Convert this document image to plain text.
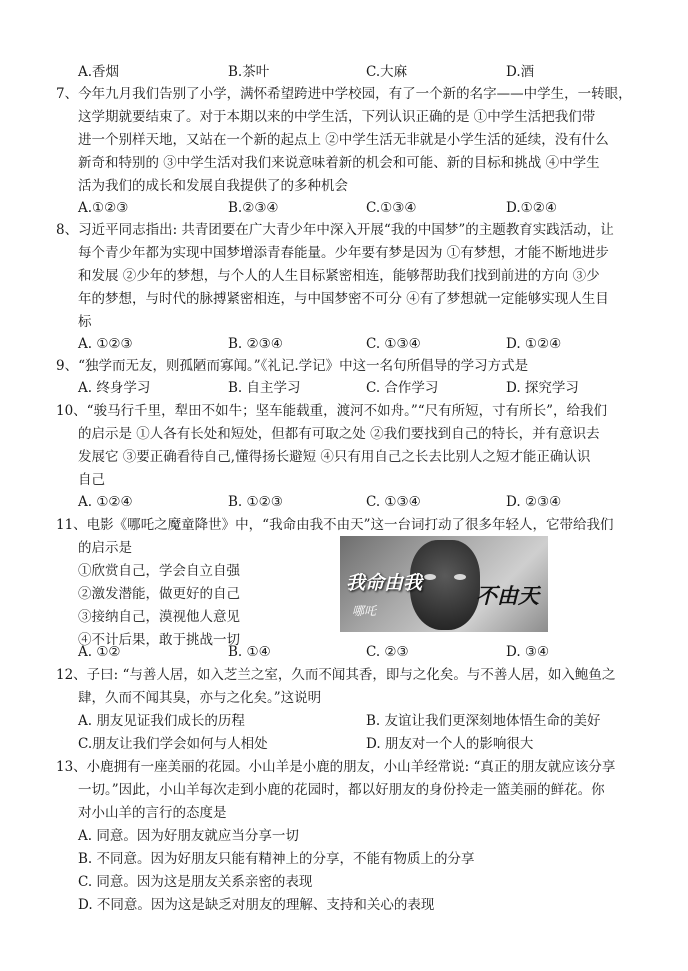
A.香烟	B.茶叶	C.大麻	D.酒
7、今年九月我们告别了小学，满怀希望跨进中学校园，有了一个新的名字——中学生，一转眼，
这学期就要结束了。对于本期以来的中学生活，下列认识正确的是 ①中学生活把我们带
进一个别样天地，又站在一个新的起点上 ②中学生活无非就是小学生活的延续，没有什么
新奇和特别的 ③中学生活对我们来说意味着新的机会和可能、新的目标和挑战 ④中学生
活为我们的成长和发展自我提供了的多种机会
A.①②③	B.②③④	C.①③④	D.①②④
8、习近平同志指出: 共青团要在广大青少年中深入开展“我的中国梦”的主题教育实践活动，让
每个青少年都为实现中国梦增添青春能量。少年要有梦是因为 ①有梦想，才能不断地进步
和发展 ②少年的梦想，与个人的人生目标紧密相连，能够帮助我们找到前进的方向 ③少
年的梦想，与时代的脉搏紧密相连，与中国梦密不可分 ④有了梦想就一定能够实现人生目
标
A. ①②③	B. ②③④	C. ①③④	D. ①②④
9、“独学而无友，则孤陋而寡闻。”《礼记.学记》中这一名句所倡导的学习方式是
A. 终身学习	B. 自主学习	C. 合作学习	D. 探究学习
10、“骏马行千里，犁田不如牛；坚车能载重，渡河不如舟。”“尺有所短，寸有所长”，给我们
的启示是 ①人各有长处和短处，但都有可取之处 ②我们要找到自己的特长，并有意识去
发展它 ③要正确看待自己,懂得扬长避短 ④只有用自己之长去比别人之短才能正确认识
自己
A. ①②④	B. ①②③	C. ①③④	D. ②③④
11、电影《哪吒之魔童降世》中，“我命由我不由天”这一台词打动了很多年轻人，它带给我们
的启示是
①欣赏自己，学会自立自强
②激发潜能，做更好的自己
③接纳自己，漠视他人意见
④不计后果，敢于挑战一切
我命由我
不由天
哪吒
A. ①②	B. ①④	C. ②③	D. ③④
12、子曰: “与善人居，如入芝兰之室，久而不闻其香，即与之化矣。与不善人居，如入鲍鱼之
肆，久而不闻其臭，亦与之化矣。”这说明
A. 朋友见证我们成长的历程	B. 友谊让我们更深刻地体悟生命的美好
C.朋友让我们学会如何与人相处	D. 朋友对一个人的影响很大
13、小鹿拥有一座美丽的花园。小山羊是小鹿的朋友，小山羊经常说: “真正的朋友就应该分享
一切。”因此，小山羊每次走到小鹿的花园时，都以好朋友的身份拎走一篮美丽的鲜花。你
对小山羊的言行的态度是
A. 同意。因为好朋友就应当分享一切
B. 不同意。因为好朋友只能有精神上的分享，不能有物质上的分享
C. 同意。因为这是朋友关系亲密的表现
D. 不同意。因为这是缺乏对朋友的理解、支持和关心的表现
